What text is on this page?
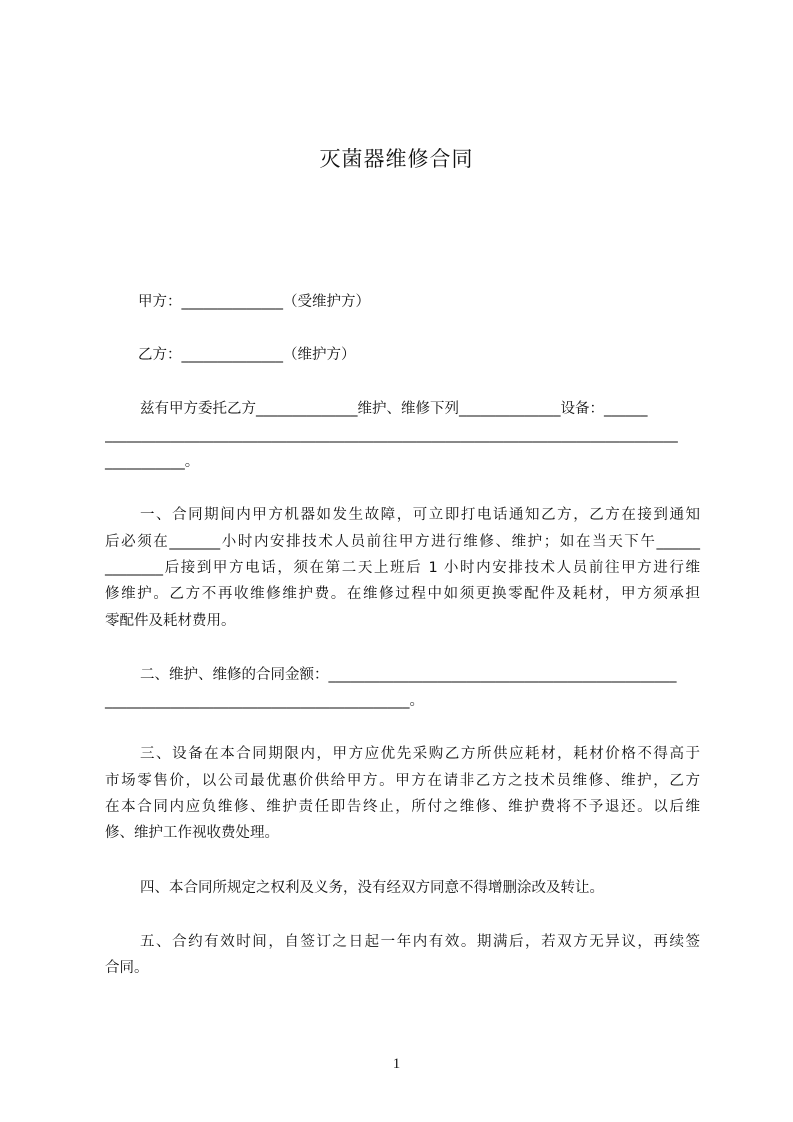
灭菌器维修合同
甲方：______________（受维护方）
乙方：______________（维护方）
兹有甲方委托乙方______________维护、维修下列______________设备：______
_______________________________________________________________________________
___________。
一、合同期间内甲方机器如发生故障，可立即打电话通知乙方，乙方在接到通知
后必须在_______小时内安排技术人员前往甲方进行维修、维护；如在当天下午______
________后接到甲方电话，须在第二天上班后 1 小时内安排技术人员前往甲方进行维
修维护。乙方不再收维修维护费。在维修过程中如须更换零配件及耗材，甲方须承担
零配件及耗材费用。
二、维护、维修的合同金额：________________________________________________
__________________________________________。
三、设备在本合同期限内，甲方应优先采购乙方所供应耗材，耗材价格不得高于
市场零售价，以公司最优惠价供给甲方。甲方在请非乙方之技术员维修、维护，乙方
在本合同内应负维修、维护责任即告终止，所付之维修、维护费将不予退还。以后维
修、维护工作视收费处理。
四、本合同所规定之权利及义务，没有经双方同意不得增删涂改及转让。
五、合约有效时间，自签订之日起一年内有效。期满后，若双方无异议，再续签
合同。
1
